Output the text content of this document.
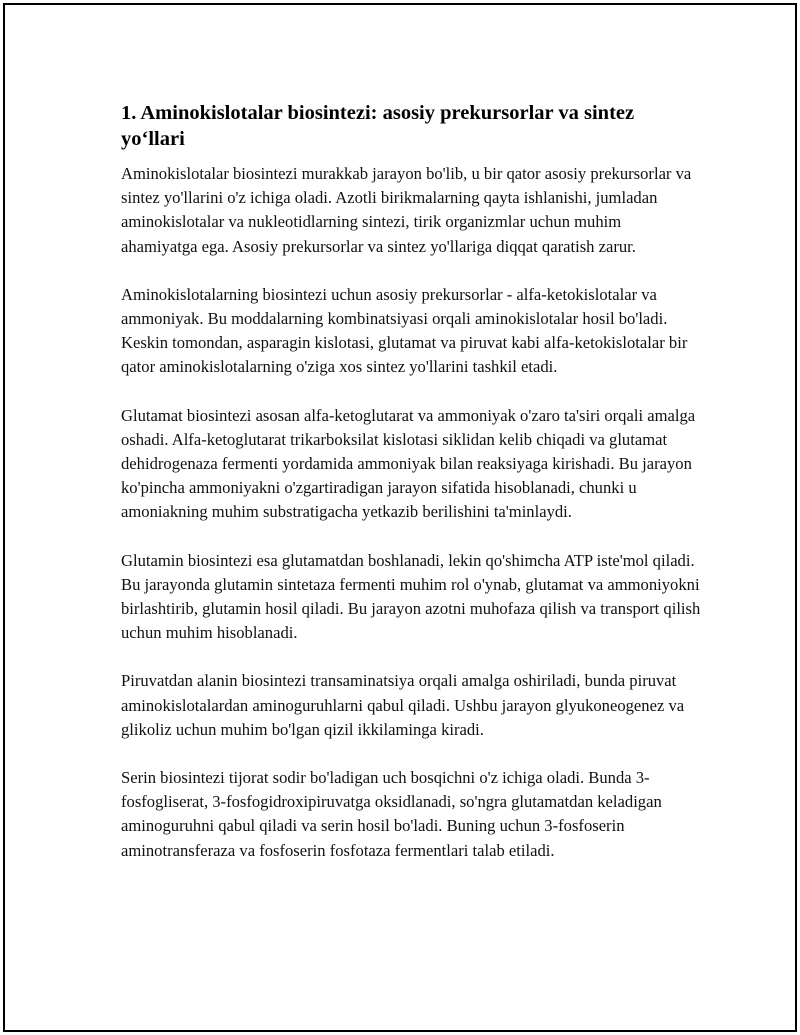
1. Aminokislotalar biosintezi: asosiy prekursorlar va sintez yo‘llari

Aminokislotalar biosintezi murakkab jarayon bo'lib, u bir qator asosiy prekursorlar va sintez yo'llarini o'z ichiga oladi. Azotli birikmalarning qayta ishlanishi, jumladan aminokislotalar va nukleotidlarning sintezi, tirik organizmlar uchun muhim ahamiyatga ega. Asosiy prekursorlar va sintez yo'llariga diqqat qaratish zarur.

Aminokislotalarning biosintezi uchun asosiy prekursorlar - alfa-ketokislotalar va ammoniyak. Bu moddalarning kombinatsiyasi orqali aminokislotalar hosil bo'ladi. Keskin tomondan, asparagin kislotasi, glutamat va piruvat kabi alfa-ketokislotalar bir qator aminokislotalarning o'ziga xos sintez yo'llarini tashkil etadi.

Glutamat biosintezi asosan alfa-ketoglutarat va ammoniyak o'zaro ta'siri orqali amalga oshadi. Alfa-ketoglutarat trikarboksilat kislotasi siklidan kelib chiqadi va glutamat dehidrogenaza fermenti yordamida ammoniyak bilan reaksiyaga kirishadi. Bu jarayon ko'pincha ammoniyakni o'zgartiradigan jarayon sifatida hisoblanadi, chunki u amoniakning muhim substratigacha yetkazib berilishini ta'minlaydi.

Glutamin biosintezi esa glutamatdan boshlanadi, lekin qo'shimcha ATP iste'mol qiladi. Bu jarayonda glutamin sintetaza fermenti muhim rol o'ynab, glutamat va ammoniyokni birlashtirib, glutamin hosil qiladi. Bu jarayon azotni muhofaza qilish va transport qilish uchun muhim hisoblanadi.

Piruvatdan alanin biosintezi transaminatsiya orqali amalga oshiriladi, bunda piruvat aminokislotalardan aminoguruhlarni qabul qiladi. Ushbu jarayon glyukoneogenez va glikoliz uchun muhim bo'lgan qizil ikkilaminga kiradi.

Serin biosintezi tijorat sodir bo'ladigan uch bosqichni o'z ichiga oladi. Bunda 3-fosfogliserat, 3-fosfogidroxipiruvatga oksidlanadi, so'ngra glutamatdan keladigan aminoguruhni qabul qiladi va serin hosil bo'ladi. Buning uchun 3-fosfoserin aminotransferaza va fosfoserin fosfotaza fermentlari talab etiladi.
